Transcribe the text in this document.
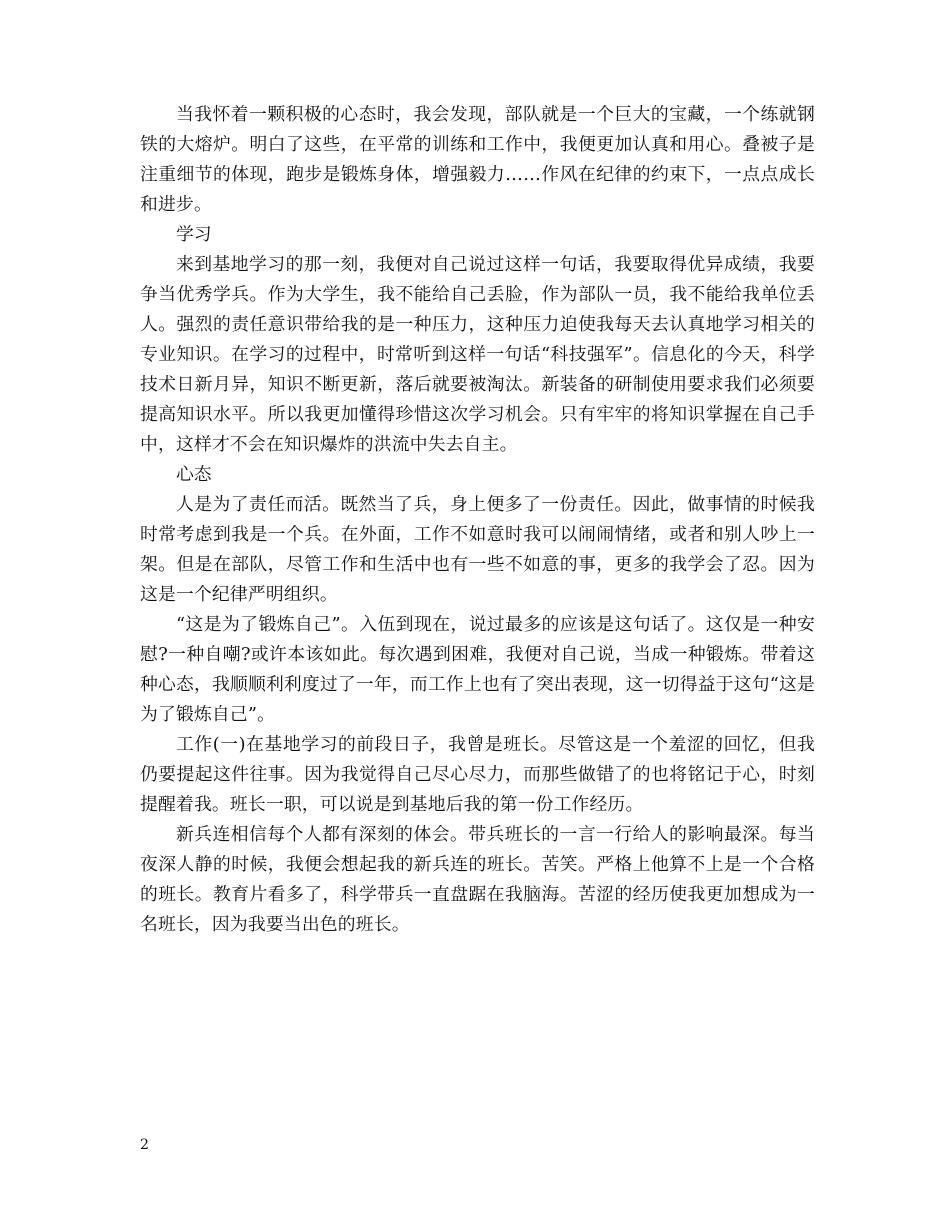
当我怀着一颗积极的心态时，我会发现，部队就是一个巨大的宝藏，一个练就钢铁的大熔炉。明白了这些，在平常的训练和工作中，我便更加认真和用心。叠被子是注重细节的体现，跑步是锻炼身体，增强毅力……作风在纪律的约束下，一点点成长和进步。

学习

来到基地学习的那一刻，我便对自己说过这样一句话，我要取得优异成绩，我要争当优秀学兵。作为大学生，我不能给自己丢脸，作为部队一员，我不能给我单位丢人。强烈的责任意识带给我的是一种压力，这种压力迫使我每天去认真地学习相关的专业知识。在学习的过程中，时常听到这样一句话“科技强军”。信息化的今天，科学技术日新月异，知识不断更新，落后就要被淘汰。新装备的研制使用要求我们必须要提高知识水平。所以我更加懂得珍惜这次学习机会。只有牢牢的将知识掌握在自己手中，这样才不会在知识爆炸的洪流中失去自主。

心态

人是为了责任而活。既然当了兵，身上便多了一份责任。因此，做事情的时候我时常考虑到我是一个兵。在外面，工作不如意时我可以闹闹情绪，或者和别人吵上一架。但是在部队，尽管工作和生活中也有一些不如意的事，更多的我学会了忍。因为这是一个纪律严明组织。

“这是为了锻炼自己”。入伍到现在，说过最多的应该是这句话了。这仅是一种安慰?一种自嘲?或许本该如此。每次遇到困难，我便对自己说，当成一种锻炼。带着这种心态，我顺顺利利度过了一年，而工作上也有了突出表现，这一切得益于这句“这是为了锻炼自己”。

工作(一)在基地学习的前段日子，我曾是班长。尽管这是一个羞涩的回忆，但我仍要提起这件往事。因为我觉得自己尽心尽力，而那些做错了的也将铭记于心，时刻提醒着我。班长一职，可以说是到基地后我的第一份工作经历。

新兵连相信每个人都有深刻的体会。带兵班长的一言一行给人的影响最深。每当夜深人静的时候，我便会想起我的新兵连的班长。苦笑。严格上他算不上是一个合格的班长。教育片看多了，科学带兵一直盘踞在我脑海。苦涩的经历使我更加想成为一名班长，因为我要当出色的班长。

2
